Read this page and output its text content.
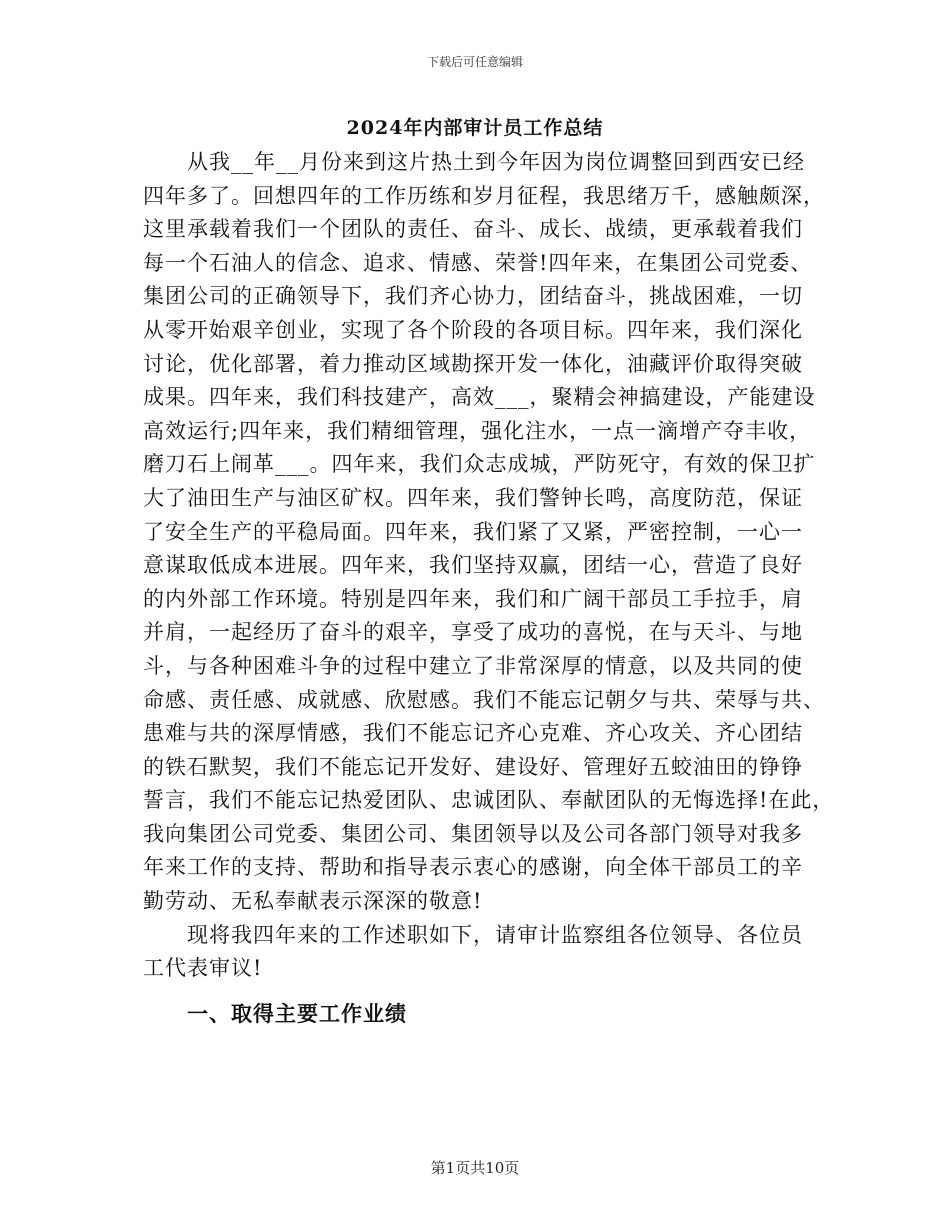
下载后可任意编辑
2024年内部审计员工作总结
从我__年__月份来到这片热土到今年因为岗位调整回到西安已经
四年多了。回想四年的工作历练和岁月征程，我思绪万千，感触颇深，
这里承载着我们一个团队的责任、奋斗、成长、战绩，更承载着我们
每一个石油人的信念、追求、情感、荣誉!四年来，在集团公司党委、
集团公司的正确领导下，我们齐心协力，团结奋斗，挑战困难，一切
从零开始艰辛创业，实现了各个阶段的各项目标。四年来，我们深化
讨论，优化部署，着力推动区域勘探开发一体化，油藏评价取得突破
成果。四年来，我们科技建产，高效___，聚精会神搞建设，产能建设
高效运行;四年来，我们精细管理，强化注水，一点一滴增产夺丰收，
磨刀石上闹革___。四年来，我们众志成城，严防死守，有效的保卫扩
大了油田生产与油区矿权。四年来，我们警钟长鸣，高度防范，保证
了安全生产的平稳局面。四年来，我们紧了又紧，严密控制，一心一
意谋取低成本进展。四年来，我们坚持双赢，团结一心，营造了良好
的内外部工作环境。特别是四年来，我们和广阔干部员工手拉手，肩
并肩，一起经历了奋斗的艰辛，享受了成功的喜悦，在与天斗、与地
斗，与各种困难斗争的过程中建立了非常深厚的情意，以及共同的使
命感、责任感、成就感、欣慰感。我们不能忘记朝夕与共、荣辱与共、
患难与共的深厚情感，我们不能忘记齐心克难、齐心攻关、齐心团结
的铁石默契，我们不能忘记开发好、建设好、管理好五蛟油田的铮铮
誓言，我们不能忘记热爱团队、忠诚团队、奉献团队的无悔选择!在此，
我向集团公司党委、集团公司、集团领导以及公司各部门领导对我多
年来工作的支持、帮助和指导表示衷心的感谢，向全体干部员工的辛
勤劳动、无私奉献表示深深的敬意!
现将我四年来的工作述职如下，请审计监察组各位领导、各位员
工代表审议!
一、取得主要工作业绩
第1页共10页
